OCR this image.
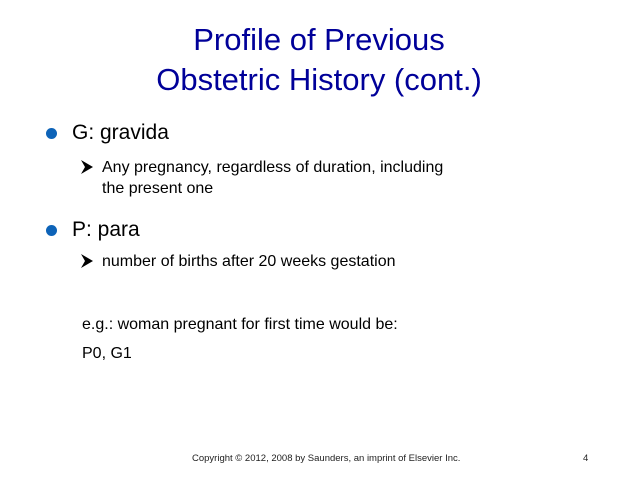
Profile of Previous
Obstetric History (cont.)
G: gravida
Any pregnancy, regardless of duration, including
the present one
P: para
number of births after 20 weeks gestation
e.g.: woman pregnant for first time would be:
P0, G1
Copyright © 2012, 2008 by Saunders, an imprint of Elsevier Inc.	4
